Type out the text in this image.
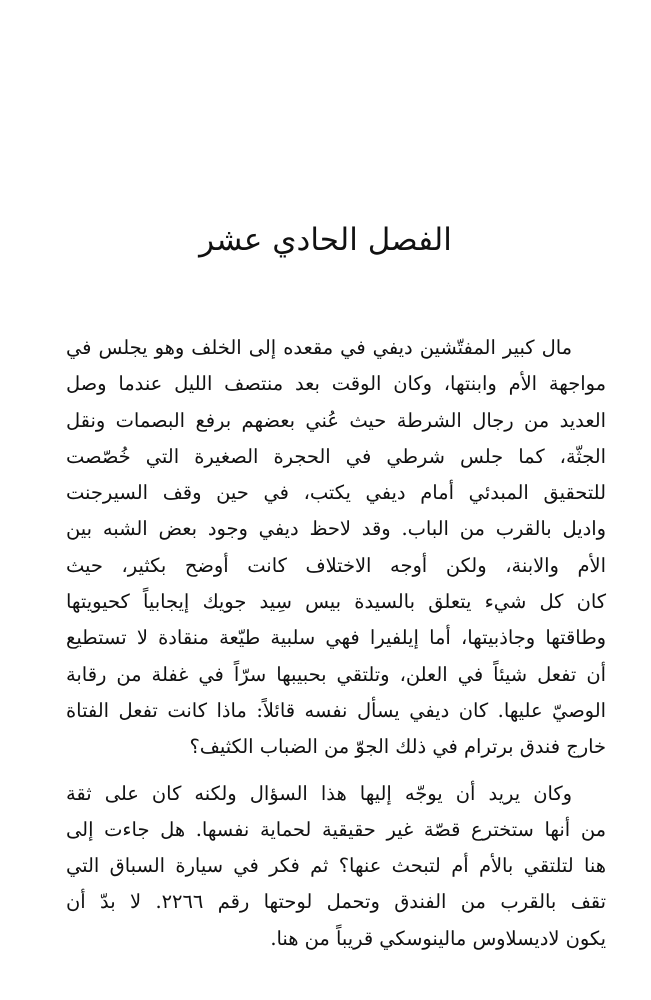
الفصل الحادي عشر

مال كبير المفتّشين ديفي في مقعده إلى الخلف وهو يجلس في
مواجهة الأم وابنتها، وكان الوقت بعد منتصف الليل عندما وصل
العديد من رجال الشرطة حيث عُني بعضهم برفع البصمات ونقل
الجثّة، كما جلس شرطي في الحجرة الصغيرة التي خُصّصت
للتحقيق المبدئي أمام ديفي يكتب، في حين وقف السيرجنت
واديل بالقرب من الباب. وقد لاحظ ديفي وجود بعض الشبه بين
الأم والابنة، ولكن أوجه الاختلاف كانت أوضح بكثير، حيث
كان كل شيء يتعلق بالسيدة بيس سِيد جويك إيجابياً كحيويتها
وطاقتها وجاذبيتها، أما إيلفيرا فهي سلبية طيّعة منقادة لا تستطيع
أن تفعل شيئاً في العلن، وتلتقي بحبيبها سرّاً في غفلة من رقابة
الوصيّ عليها. كان ديفي يسأل نفسه قائلاً: ماذا كانت تفعل الفتاة
خارج فندق برترام في ذلك الجوّ من الضباب الكثيف؟

وكان يريد أن يوجّه إليها هذا السؤال ولكنه كان على ثقة
من أنها ستخترع قصّة غير حقيقية لحماية نفسها. هل جاءت إلى
هنا لتلتقي بالأم أم لتبحث عنها؟ ثم فكر في سيارة السباق التي
تقف بالقرب من الفندق وتحمل لوحتها رقم ٢٢٦٦. لا بدّ أن
يكون لاديسلاوس مالينوسكي قريباً من هنا.
